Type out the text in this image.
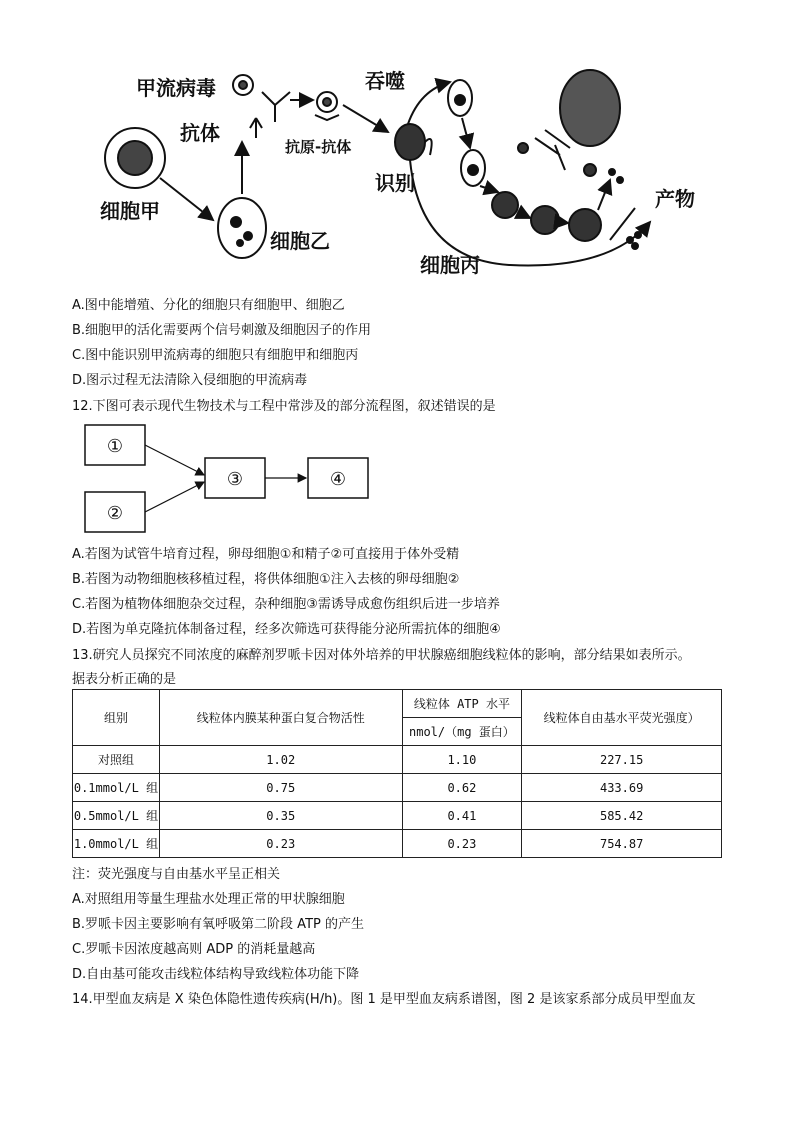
甲流病毒
抗体
细胞甲
细胞乙
吞噬
识别
产物
细胞丙
抗原-抗体
A.图中能增殖、分化的细胞只有细胞甲、细胞乙
B.细胞甲的活化需要两个信号刺激及细胞因子的作用
C.图中能识别甲流病毒的细胞只有细胞甲和细胞丙
D.图示过程无法清除入侵细胞的甲流病毒
12.下图可表示现代生物技术与工程中常涉及的部分流程图，叙述错误的是
①
②
③	④
A.若图为试管牛培育过程，卵母细胞①和精子②可直接用于体外受精
B.若图为动物细胞核移植过程，将供体细胞①注入去核的卵母细胞②
C.若图为植物体细胞杂交过程，杂种细胞③需诱导成愈伤组织后进一步培养
D.若图为单克隆抗体制备过程，经多次筛选可获得能分泌所需抗体的细胞④
13.研究人员探究不同浓度的麻醉剂罗哌卡因对体外培养的甲状腺癌细胞线粒体的影响，部分结果如表所示。
据表分析正确的是
组别	线粒体内膜某种蛋白复合物活性	线粒体 ATP 水平	线粒体自由基水平荧光强度）
		nmol/（mg 蛋白）	
对照组	1.02	1.10	227.15
0.1mmol/L 组	0.75	0.62	433.69
0.5mmol/L 组	0.35	0.41	585.42
1.0mmol/L 组	0.23	0.23	754.87
注：荧光强度与自由基水平呈正相关
A.对照组用等量生理盐水处理正常的甲状腺细胞
B.罗哌卡因主要影响有氧呼吸第二阶段 ATP 的产生
C.罗哌卡因浓度越高则 ADP 的消耗量越高
D.自由基可能攻击线粒体结构导致线粒体功能下降
14.甲型血友病是 X 染色体隐性遗传疾病(H/h)。图 1 是甲型血友病系谱图，图 2 是该家系部分成员甲型血友
